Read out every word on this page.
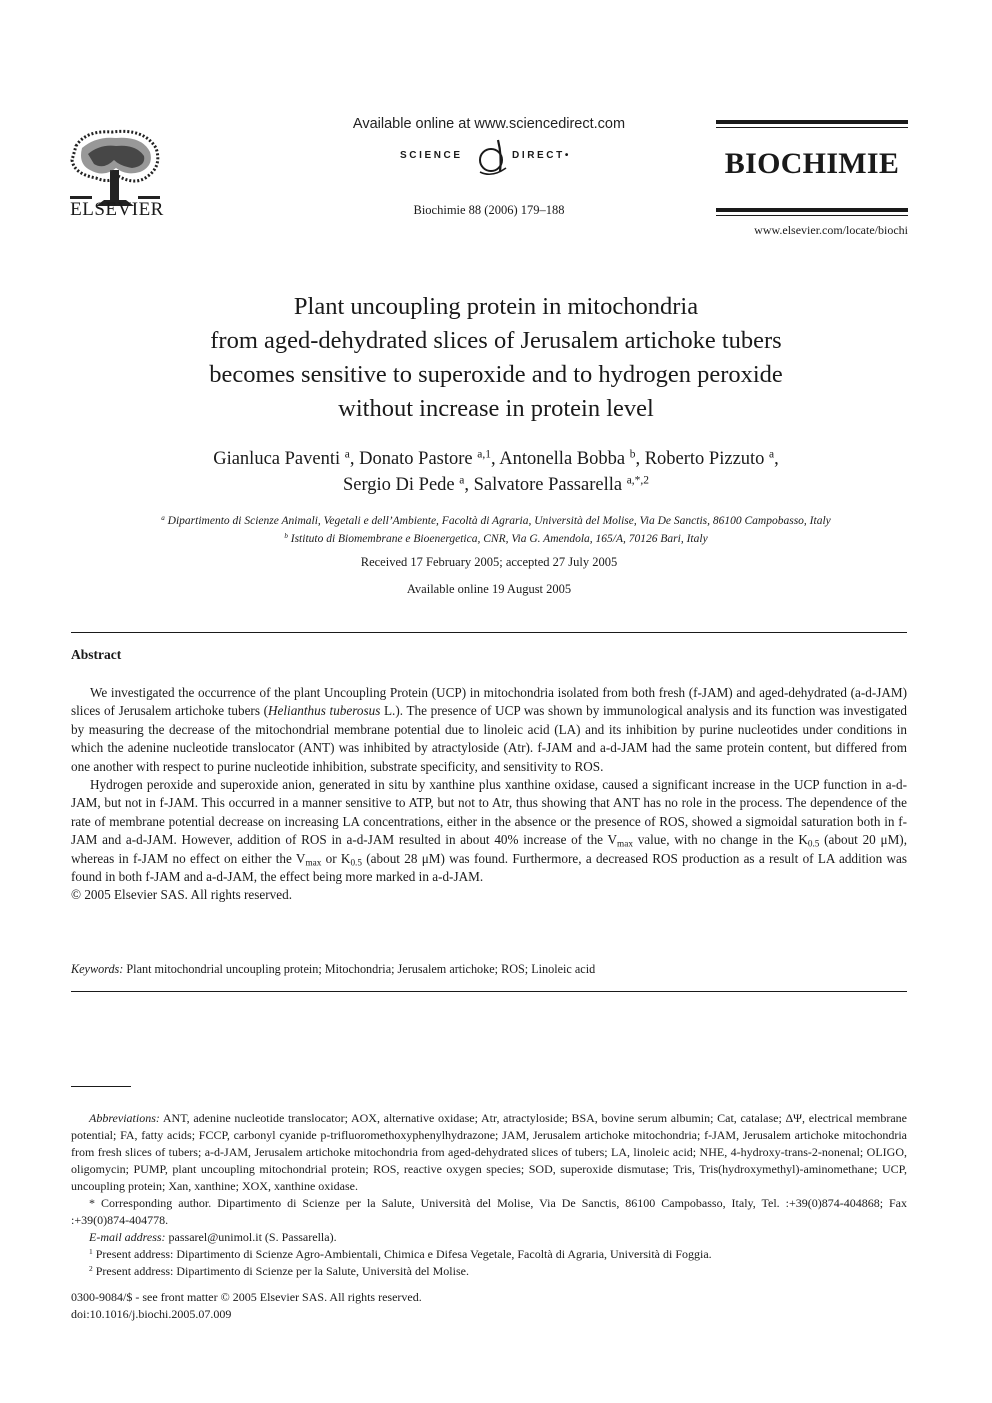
ELSEVIER
Available online at www.sciencedirect.com
SCIENCE	DIRECT•
Biochimie 88 (2006) 179–188
BIOCHIMIE
www.elsevier.com/locate/biochi
Plant uncoupling protein in mitochondria
from aged-dehydrated slices of Jerusalem artichoke tubers
becomes sensitive to superoxide and to hydrogen peroxide
without increase in protein level
Gianluca Paventi $^a$, Donato Pastore $^{a,1}$, Antonella Bobba $^b$, Roberto Pizzuto $^a$,
Sergio Di Pede $^a$, Salvatore Passarella $^{a,*,2}$
$^a$ Dipartimento di Scienze Animali, Vegetali e dell’Ambiente, Facoltà di Agraria, Università del Molise, Via De Sanctis, 86100 Campobasso, Italy
$^b$ Istituto di Biomembrane e Bioenergetica, CNR, Via G. Amendola, 165/A, 70126 Bari, Italy
Received 17 February 2005; accepted 27 July 2005
Available online 19 August 2005
Abstract

We investigated the occurrence of the plant Uncoupling Protein (UCP) in mitochondria isolated from both fresh (f-JAM) and aged-dehydrated (a-d-JAM) slices of Jerusalem artichoke tubers (Helianthus tuberosus L.). The presence of UCP was shown by immunological analysis and its function was investigated by measuring the decrease of the mitochondrial membrane potential due to linoleic acid (LA) and its inhibition by purine nucleotides under conditions in which the adenine nucleotide translocator (ANT) was inhibited by atractyloside (Atr). f-JAM and a-d-JAM had the same protein content, but differed from one another with respect to purine nucleotide inhibition, substrate specificity, and sensitivity to ROS.

Hydrogen peroxide and superoxide anion, generated in situ by xanthine plus xanthine oxidase, caused a significant increase in the UCP function in a-d-JAM, but not in f-JAM. This occurred in a manner sensitive to ATP, but not to Atr, thus showing that ANT has no role in the process. The dependence of the rate of membrane potential decrease on increasing LA concentrations, either in the absence or the presence of ROS, showed a sigmoidal saturation both in f-JAM and a-d-JAM. However, addition of ROS in a-d-JAM resulted in about 40% increase of the $V_{max}$ value, with no change in the $K_{0.5}$ (about 20 μM), whereas in f-JAM no effect on either the $V_{max}$ or $K_{0.5}$ (about 28 μM) was found. Furthermore, a decreased ROS production as a result of LA addition was found in both f-JAM and a-d-JAM, the effect being more marked in a-d-JAM.

© 2005 Elsevier SAS. All rights reserved.
Keywords: Plant mitochondrial uncoupling protein; Mitochondria; Jerusalem artichoke; ROS; Linoleic acid

Abbreviations: ANT, adenine nucleotide translocator; AOX, alternative oxidase; Atr, atractyloside; BSA, bovine serum albumin; Cat, catalase; ΔΨ, electrical membrane potential; FA, fatty acids; FCCP, carbonyl cyanide p-trifluoromethoxyphenylhydrazone; JAM, Jerusalem artichoke mitochondria; f-JAM, Jerusalem artichoke mitochondria from fresh slices of tubers; a-d-JAM, Jerusalem artichoke mitochondria from aged-dehydrated slices of tubers; LA, linoleic acid; NHE, 4-hydroxy-trans-2-nonenal; OLIGO, oligomycin; PUMP, plant uncoupling mitochondrial protein; ROS, reactive oxygen species; SOD, superoxide dismutase; Tris, Tris(hydroxymethyl)-aminomethane; UCP, uncoupling protein; Xan, xanthine; XOX, xanthine oxidase.

* Corresponding author. Dipartimento di Scienze per la Salute, Università del Molise, Via De Sanctis, 86100 Campobasso, Italy, Tel. :+39(0)874-404868; Fax :+39(0)874-404778.

E-mail address: passarel@unimol.it (S. Passarella).

$^1$ Present address: Dipartimento di Scienze Agro-Ambientali, Chimica e Difesa Vegetale, Facoltà di Agraria, Università di Foggia.

$^2$ Present address: Dipartimento di Scienze per la Salute, Università del Molise.

0300-9084/$ - see front matter © 2005 Elsevier SAS. All rights reserved.
doi:10.1016/j.biochi.2005.07.009
